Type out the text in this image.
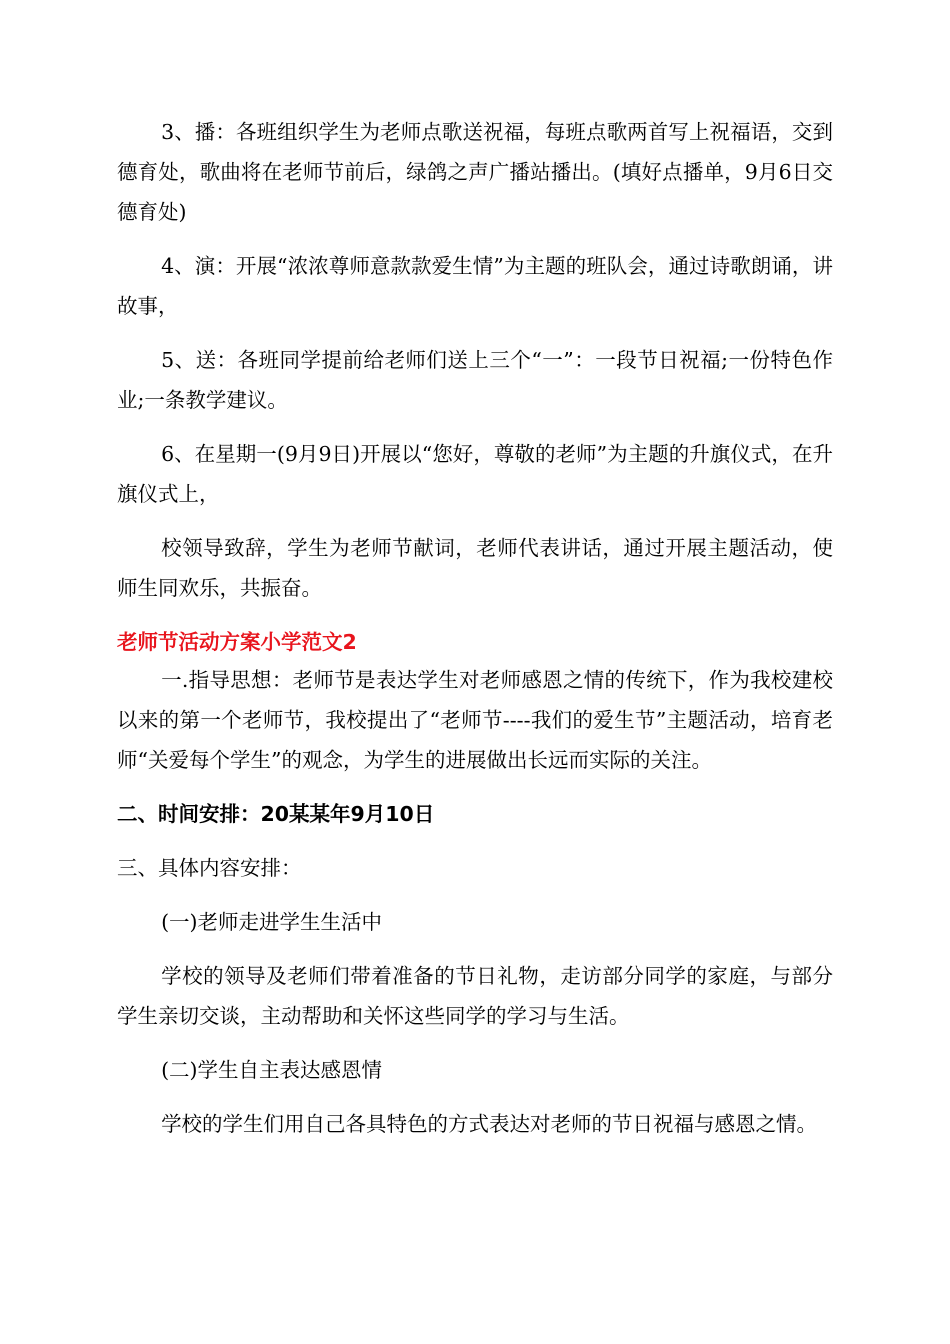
3、播：各班组织学生为老师点歌送祝福，每班点歌两首写上祝福语，交到德育处，歌曲将在老师节前后，绿鸽之声广播站播出。(填好点播单，9月6日交德育处)

4、演：开展“浓浓尊师意款款爱生情”为主题的班队会，通过诗歌朗诵，讲故事，

5、送：各班同学提前给老师们送上三个“一”：一段节日祝福;一份特色作业;一条教学建议。

6、在星期一(9月9日)开展以“您好，尊敬的老师”为主题的升旗仪式，在升旗仪式上，

校领导致辞，学生为老师节献词，老师代表讲话，通过开展主题活动，使师生同欢乐，共振奋。

老师节活动方案小学范文2

一.指导思想：老师节是表达学生对老师感恩之情的传统下，作为我校建校以来的第一个老师节，我校提出了“老师节----我们的爱生节”主题活动，培育老师“关爱每个学生”的观念，为学生的进展做出长远而实际的关注。

二、时间安排：20某某年9月10日

三、具体内容安排：

(一)老师走进学生生活中

学校的领导及老师们带着准备的节日礼物，走访部分同学的家庭，与部分学生亲切交谈，主动帮助和关怀这些同学的学习与生活。

(二)学生自主表达感恩情

学校的学生们用自己各具特色的方式表达对老师的节日祝福与感恩之情。
